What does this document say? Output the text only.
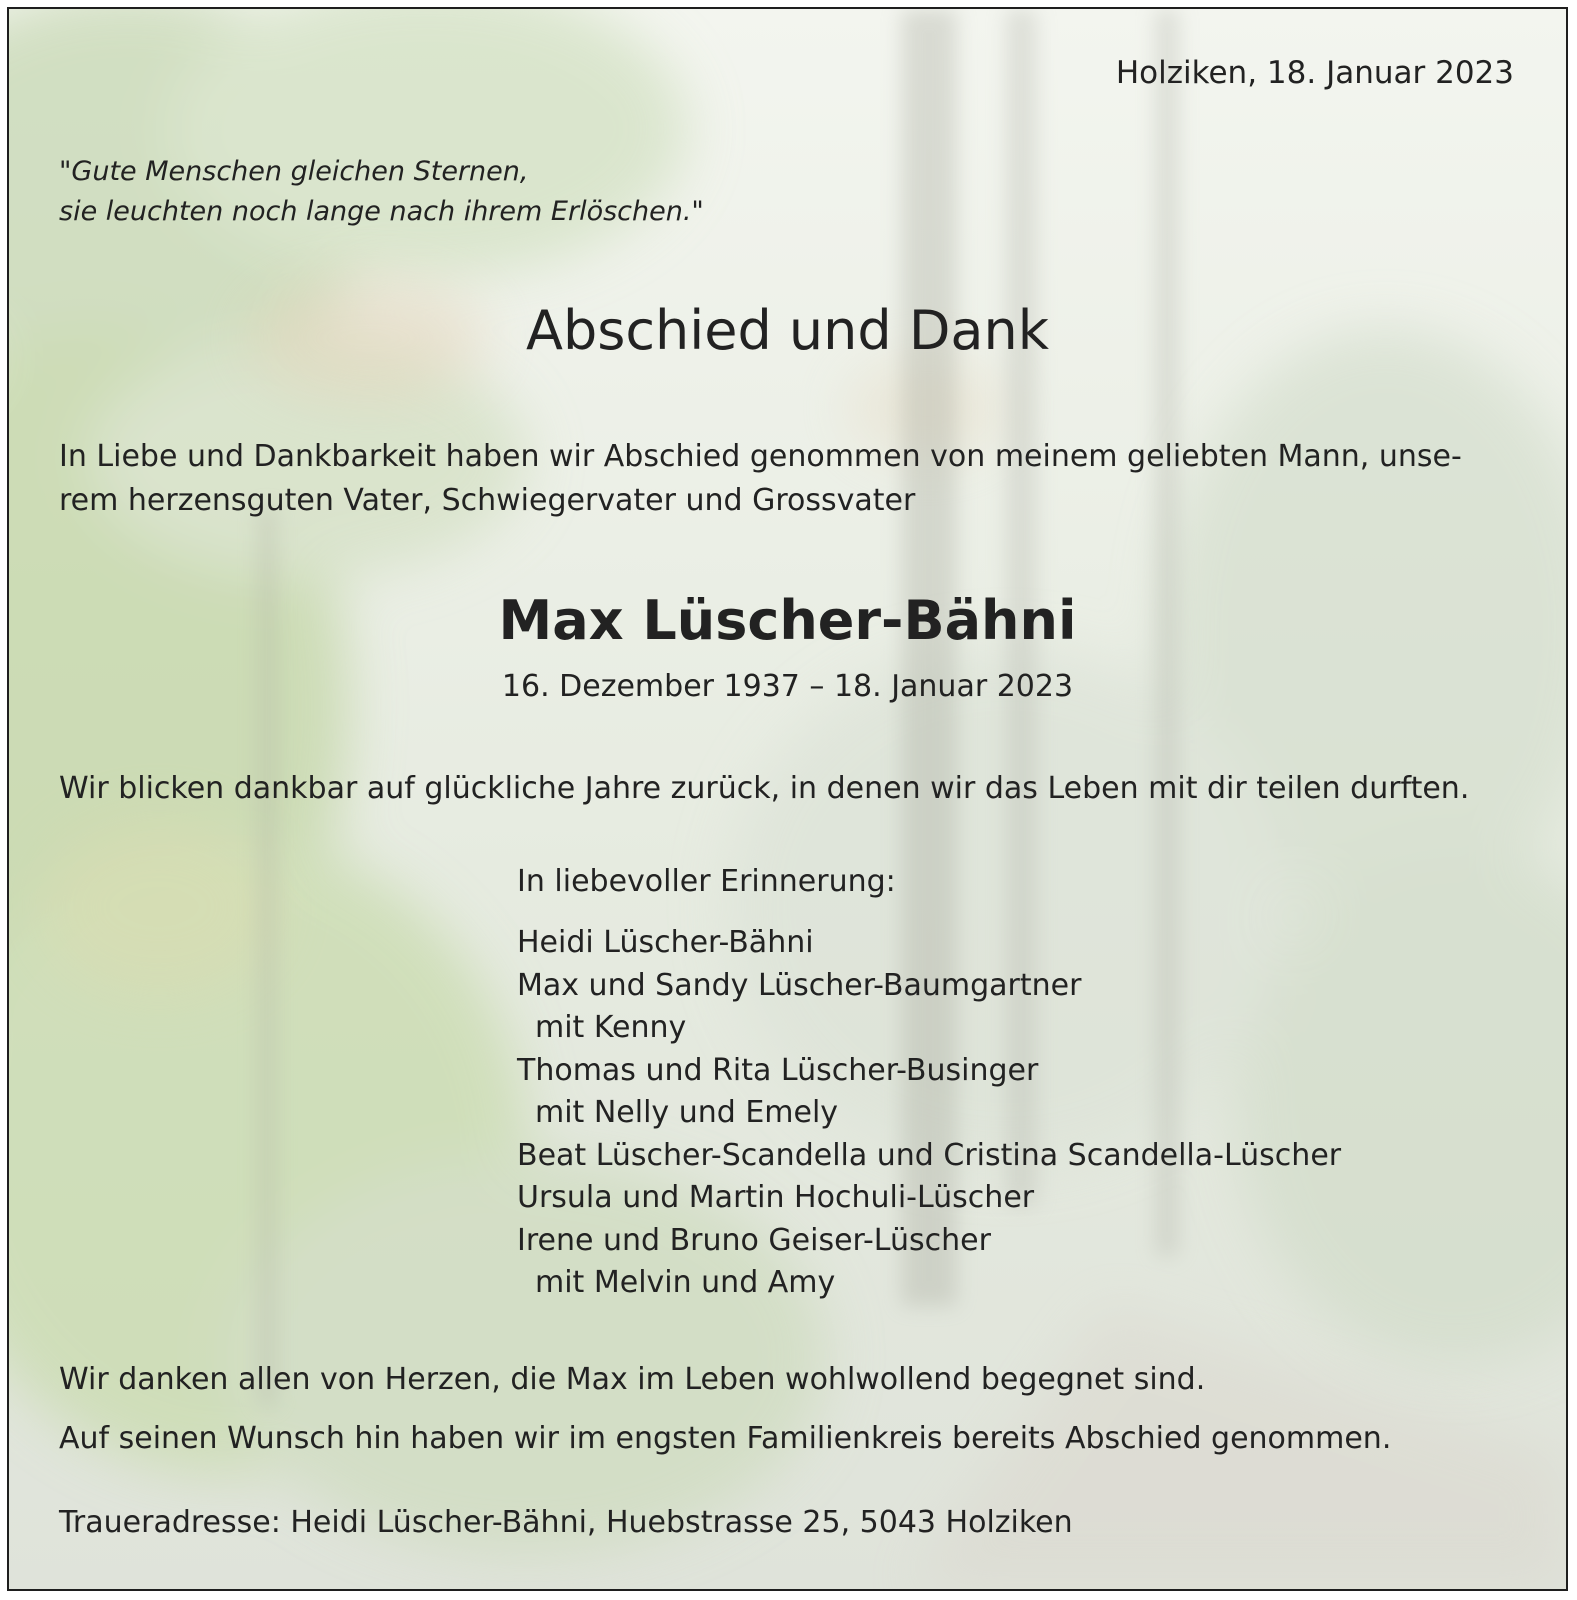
Holziken, 18. Januar 2023
"Gute Menschen gleichen Sternen,
sie leuchten noch lange nach ihrem Erlöschen."
Abschied und Dank
In Liebe und Dankbarkeit haben wir Abschied genommen von meinem geliebten Mann, unse-
rem herzensguten Vater, Schwiegervater und Grossvater
Max Lüscher-Bähni
16. Dezember 1937 – 18. Januar 2023
Wir blicken dankbar auf glückliche Jahre zurück, in denen wir das Leben mit dir teilen durften.
In liebevoller Erinnerung:
Heidi Lüscher-Bähni
Max und Sandy Lüscher-Baumgartner
mit Kenny
Thomas und Rita Lüscher-Businger
mit Nelly und Emely
Beat Lüscher-Scandella und Cristina Scandella-Lüscher
Ursula und Martin Hochuli-Lüscher
Irene und Bruno Geiser-Lüscher
mit Melvin und Amy
Wir danken allen von Herzen, die Max im Leben wohlwollend begegnet sind.
Auf seinen Wunsch hin haben wir im engsten Familienkreis bereits Abschied genommen.
Traueradresse: Heidi Lüscher-Bähni, Huebstrasse 25, 5043 Holziken
